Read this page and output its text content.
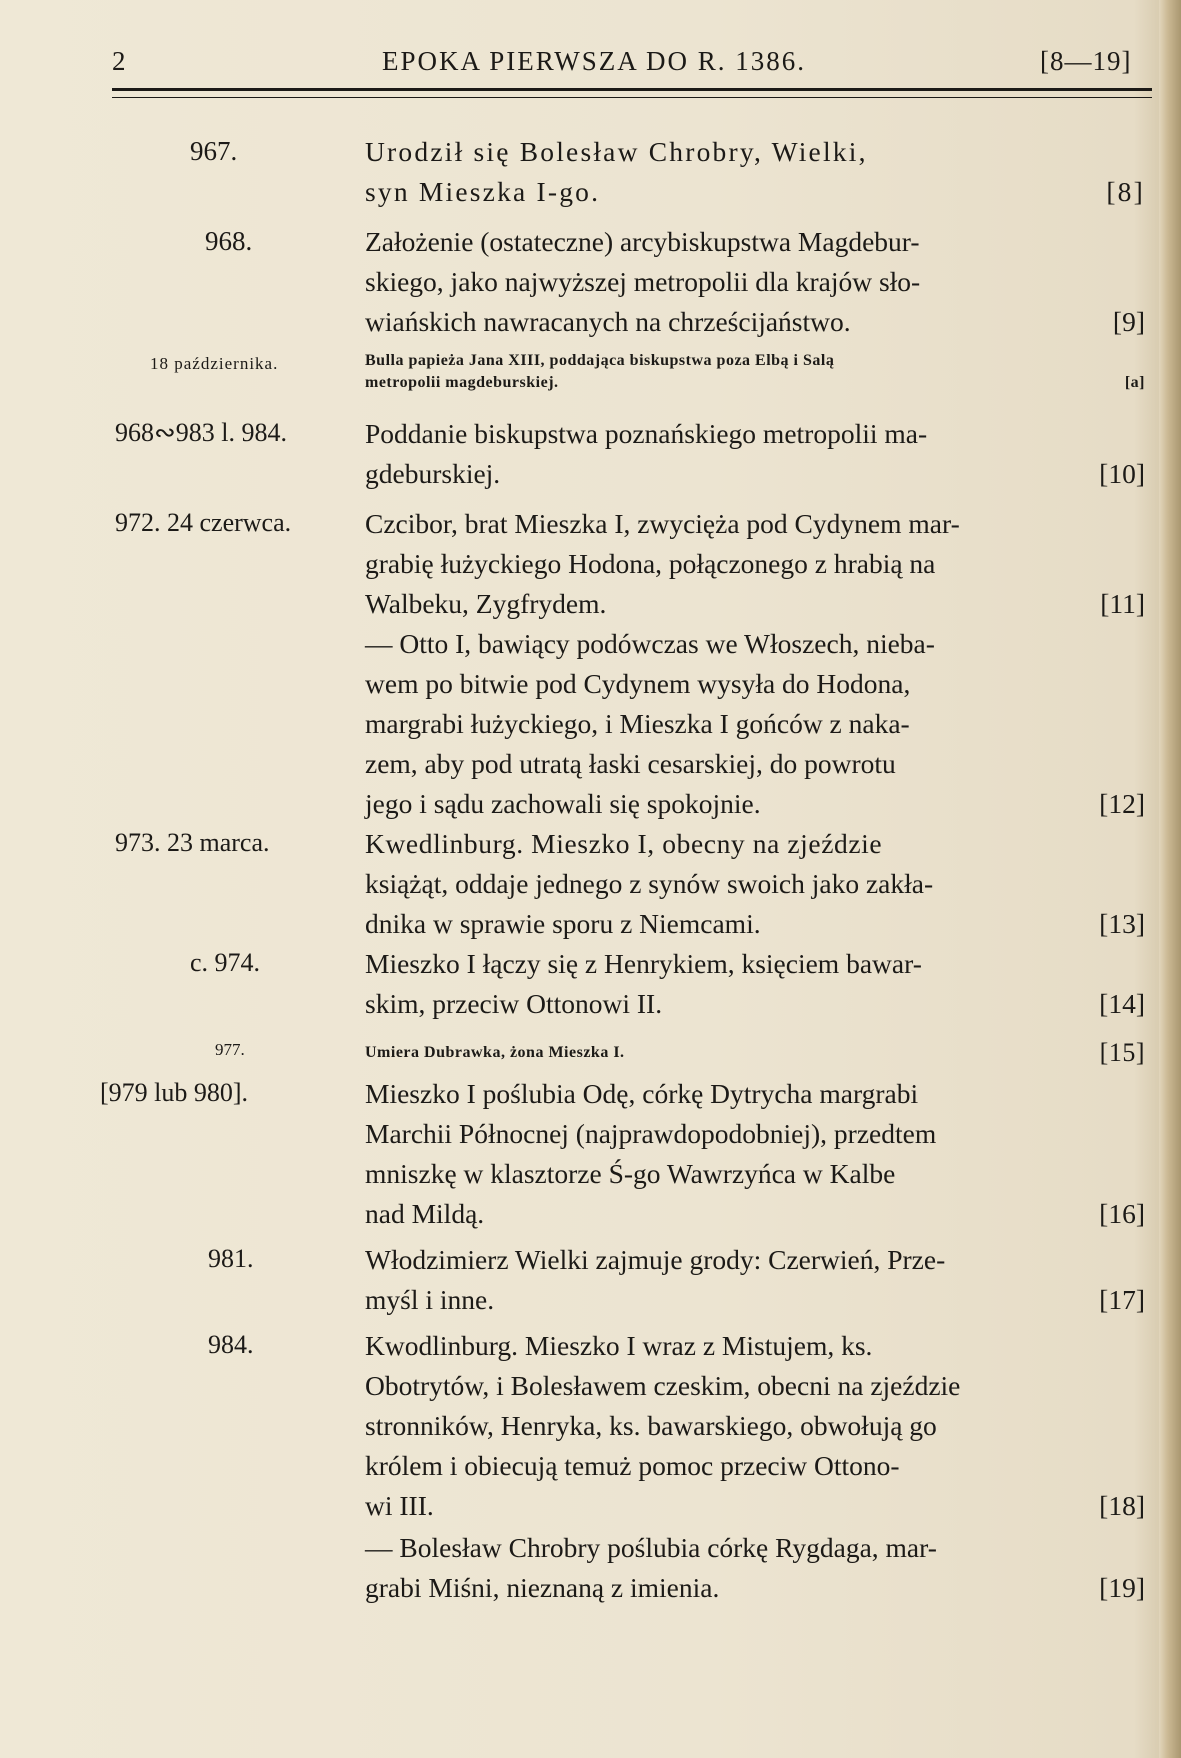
2	EPOKA PIERWSZA DO R. 1386.	[8—19]
967.	Urodził się Bolesław Chrobry, Wielki,
syn Mieszka I-go.	[8]
968.	Założenie (ostateczne) arcybiskupstwa Magdebur-
skiego, jako najwyższej metropolii dla krajów sło-
wiańskich nawracanych na chrześcijaństwo.	[9]
18 października.	Bulla papieża Jana XIII, poddająca biskupstwa poza Elbą i Salą
metropolii magdeburskiej.	[a]
968∾983 l. 984.	Poddanie biskupstwa poznańskiego metropolii ma-
gdeburskiej.	[10]
972. 24 czerwca.	Czcibor, brat Mieszka I, zwycięża pod Cydynem mar-
grabię łużyckiego Hodona, połączonego z hrabią na
Walbeku, Zygfrydem.	[11]
— Otto I, bawiący podówczas we Włoszech, nieba-
wem po bitwie pod Cydynem wysyła do Hodona,
margrabi łużyckiego, i Mieszka I gońców z naka-
zem, aby pod utratą łaski cesarskiej, do powrotu
jego i sądu zachowali się spokojnie.	[12]
973. 23 marca.	Kwedlinburg. Mieszko I, obecny na zjeździe
książąt, oddaje jednego z synów swoich jako zakła-
dnika w sprawie sporu z Niemcami.	[13]
c. 974.	Mieszko I łączy się z Henrykiem, księciem bawar-
skim, przeciw Ottonowi II.	[14]
977.	Umiera Dubrawka, żona Mieszka I.	[15]
[979 lub 980].	Mieszko I poślubia Odę, córkę Dytrycha margrabi
Marchii Północnej (najprawdopodobniej), przedtem
mniszkę w klasztorze Ś-go Wawrzyńca w Kalbe
nad Mildą.	[16]
981.	Włodzimierz Wielki zajmuje grody: Czerwień, Prze-
myśl i inne.	[17]
984.	Kwodlinburg. Mieszko I wraz z Mistujem, ks.
Obotrytów, i Bolesławem czeskim, obecni na zjeździe
stronników, Henryka, ks. bawarskiego, obwołują go
królem i obiecują temuż pomoc przeciw Ottono-
wi III.	[18]
— Bolesław Chrobry poślubia córkę Rygdaga, mar-
grabi Miśni, nieznaną z imienia.	[19]
